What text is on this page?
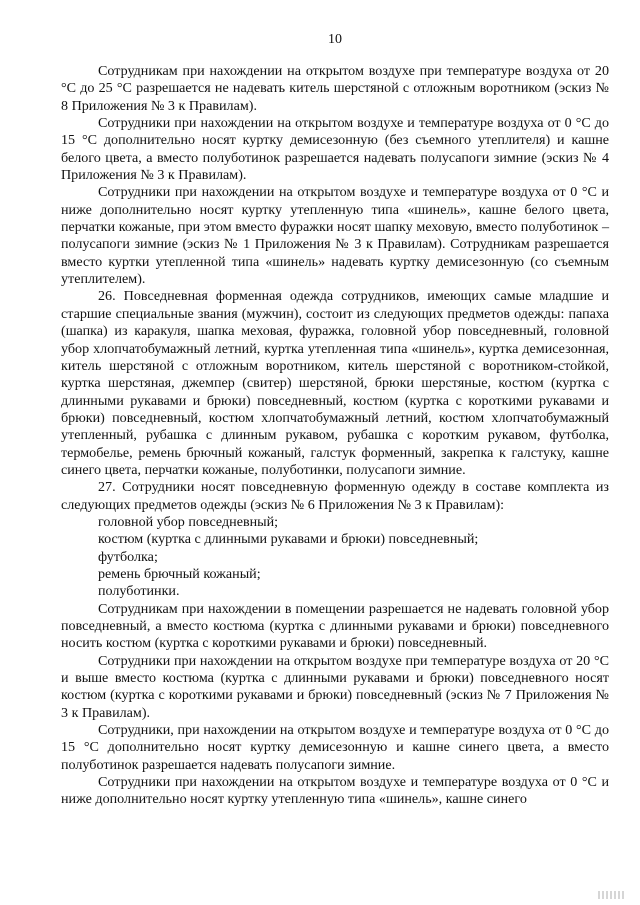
10

Сотрудникам при нахождении на открытом воздухе при температуре воздуха от 20 °С до 25 °С разрешается не надевать китель шерстяной с отложным воротником (эскиз № 8 Приложения № 3 к Правилам).

Сотрудники при нахождении на открытом воздухе и температуре воздуха от 0 °С до 15 °С дополнительно носят куртку демисезонную (без съемного утеплителя) и кашне белого цвета, а вместо полуботинок разрешается надевать полусапоги зимние (эскиз № 4 Приложения № 3 к Правилам).

Сотрудники при нахождении на открытом воздухе и температуре воздуха от 0 °С и ниже дополнительно носят куртку утепленную типа «шинель», кашне белого цвета, перчатки кожаные, при этом вместо фуражки носят шапку меховую, вместо полуботинок – полусапоги зимние (эскиз № 1 Приложения № 3 к Правилам). Сотрудникам разрешается вместо куртки утепленной типа «шинель» надевать куртку демисезонную (со съемным утеплителем).

26. Повседневная форменная одежда сотрудников, имеющих самые младшие и старшие специальные звания (мужчин), состоит из следующих предметов одежды: папаха (шапка) из каракуля, шапка меховая, фуражка, головной убор повседневный, головной убор хлопчатобумажный летний, куртка утепленная типа «шинель», куртка демисезонная, китель шерстяной с отложным воротником, китель шерстяной с воротником-стойкой, куртка шерстяная, джемпер (свитер) шерстяной, брюки шерстяные, костюм (куртка с длинными рукавами и брюки) повседневный, костюм (куртка с короткими рукавами и брюки) повседневный, костюм хлопчатобумажный летний, костюм хлопчатобумажный утепленный, рубашка с длинным рукавом, рубашка с коротким рукавом, футболка, термобелье, ремень брючный кожаный, галстук форменный, закрепка к галстуку, кашне синего цвета, перчатки кожаные, полуботинки, полусапоги зимние.

27. Сотрудники носят повседневную форменную одежду в составе комплекта из следующих предметов одежды (эскиз № 6 Приложения № 3 к Правилам):

головной убор повседневный;

костюм (куртка с длинными рукавами и брюки) повседневный;

футболка;

ремень брючный кожаный;

полуботинки.

Сотрудникам при нахождении в помещении разрешается не надевать головной убор повседневный, а вместо костюма (куртка с длинными рукавами и брюки) повседневного носить костюм (куртка с короткими рукавами и брюки) повседневный.

Сотрудники при нахождении на открытом воздухе при температуре воздуха от 20 °С и выше вместо костюма (куртка с длинными рукавами и брюки) повседневного носят костюм (куртка с короткими рукавами и брюки) повседневный (эскиз № 7 Приложения № 3 к Правилам).

Сотрудники, при нахождении на открытом воздухе и температуре воздуха от 0 °С до 15 °С дополнительно носят куртку демисезонную и кашне синего цвета, а вместо полуботинок разрешается надевать полусапоги зимние.

Сотрудники при нахождении на открытом воздухе и температуре воздуха от 0 °С и ниже дополнительно носят куртку утепленную типа «шинель», кашне синего
